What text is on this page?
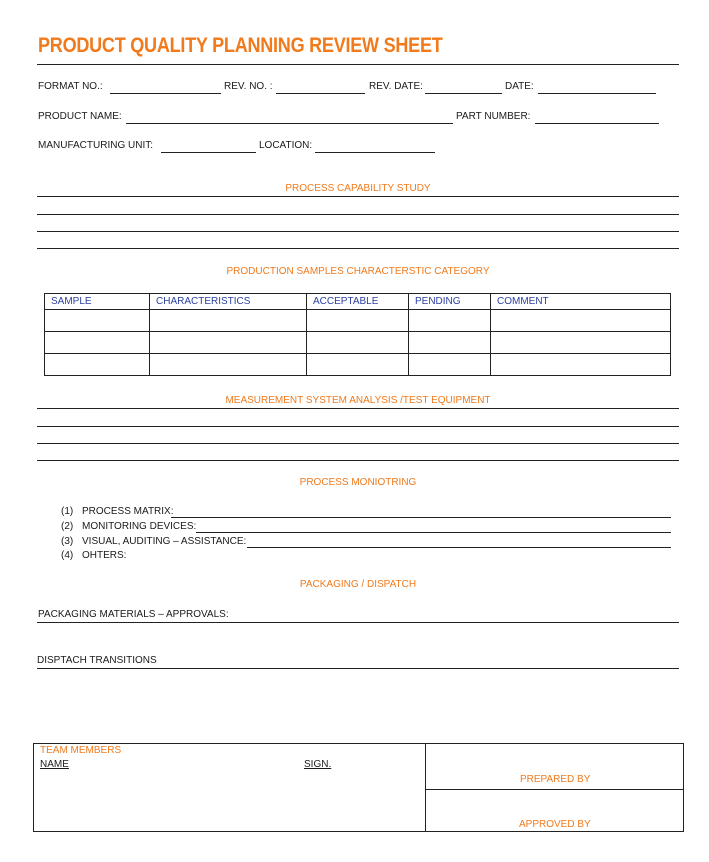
PRODUCT QUALITY PLANNING REVIEW SHEET
FORMAT NO.:	REV. NO. :	REV. DATE:	DATE:
PRODUCT NAME:	PART NUMBER:
MANUFACTURING UNIT:	LOCATION:
PROCESS CAPABILITY STUDY
PRODUCTION SAMPLES CHARACTERSTIC CATEGORY
SAMPLE	CHARACTERISTICS	ACCEPTABLE	PENDING	COMMENT

MEASUREMENT SYSTEM ANALYSIS /TEST EQUIPMENT
PROCESS MONIOTRING
(1) PROCESS MATRIX:
(2) MONITORING DEVICES:
(3) VISUAL, AUDITING – ASSISTANCE:
(4) OHTERS:
PACKAGING / DISPATCH
PACKAGING MATERIALS – APPROVALS:
DISPTACH TRANSITIONS
TEAM MEMBERS
NAME	SIGN.
PREPARED BY
APPROVED BY
